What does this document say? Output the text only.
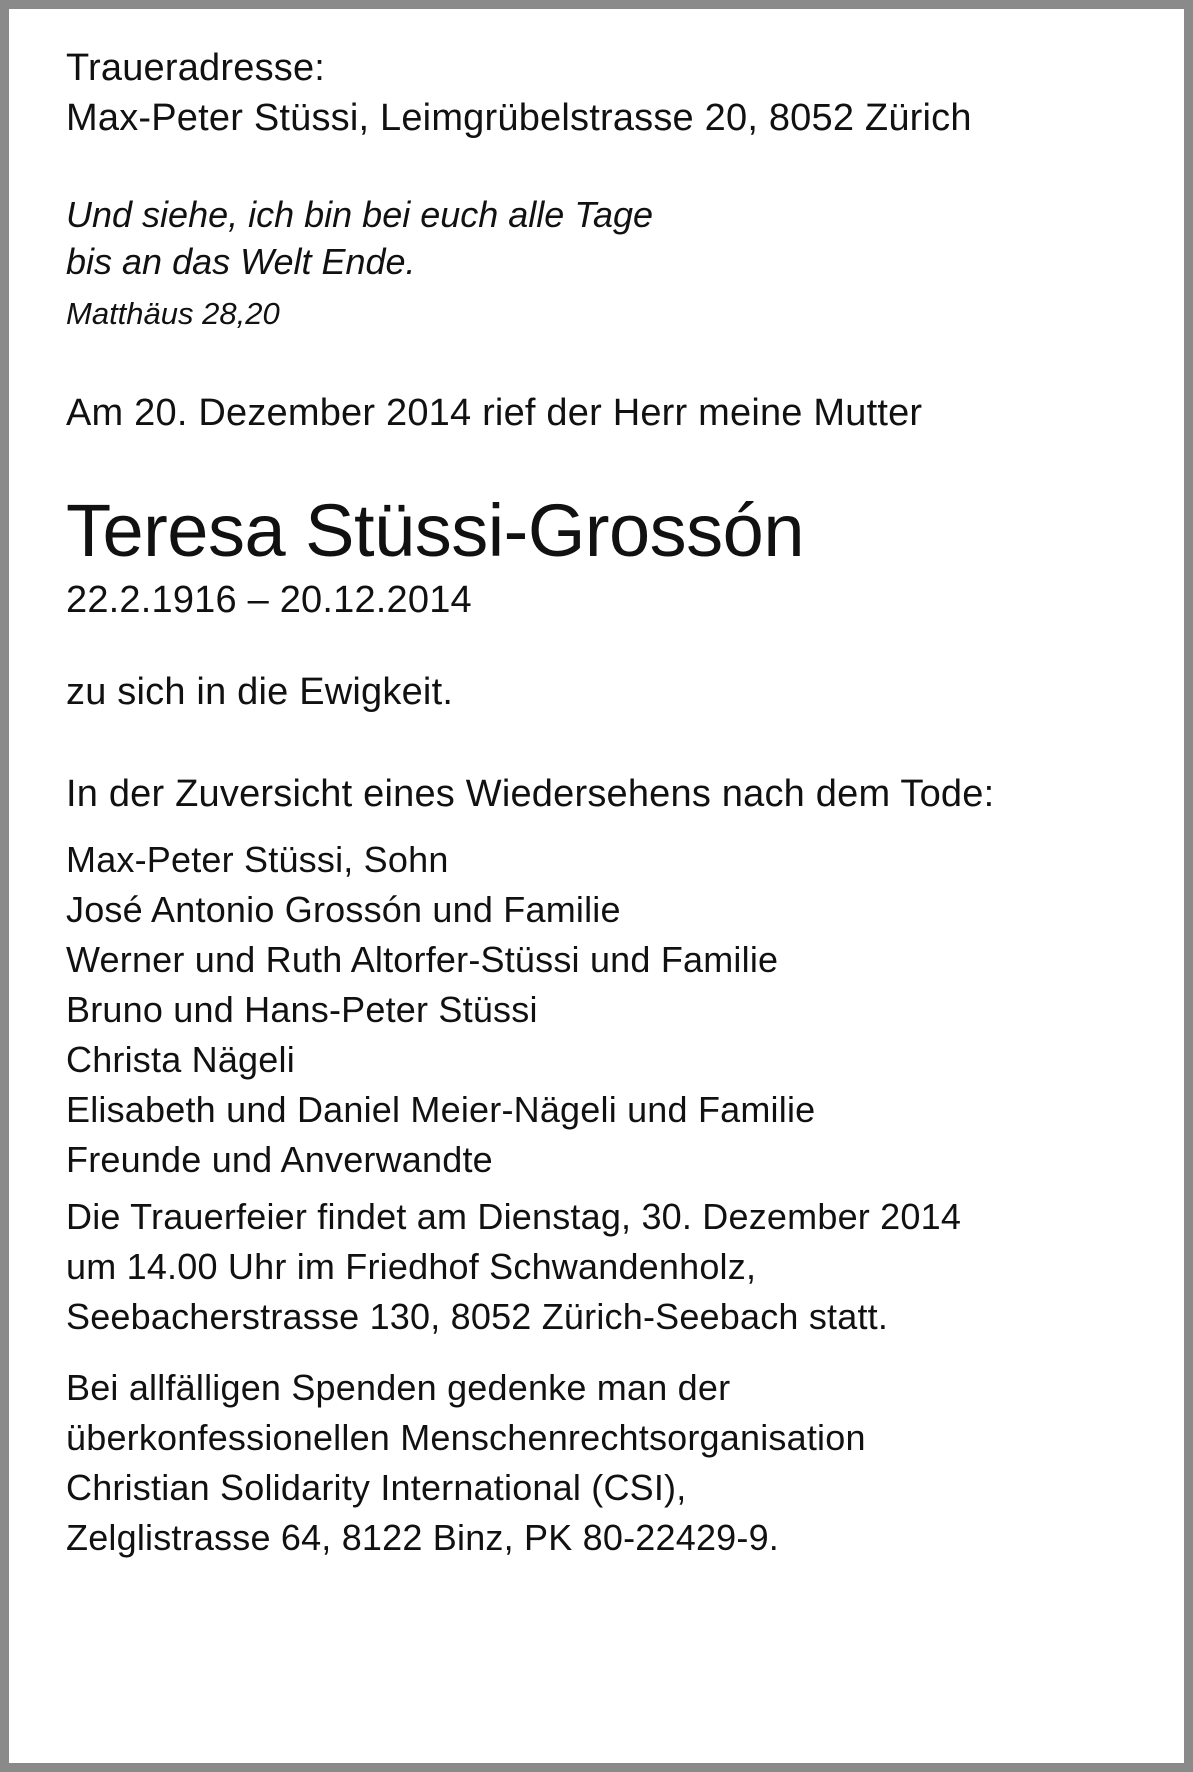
Traueradresse:
Max-Peter Stüssi, Leimgrübelstrasse 20, 8052 Zürich
Und siehe, ich bin bei euch alle Tage
bis an das Welt Ende.
Matthäus 28,20
Am 20. Dezember 2014 rief der Herr meine Mutter
Teresa Stüssi-Grossón
22.2.1916 – 20.12.2014
zu sich in die Ewigkeit.
In der Zuversicht eines Wiedersehens nach dem Tode:
Max-Peter Stüssi, Sohn
José Antonio Grossón und Familie
Werner und Ruth Altorfer-Stüssi und Familie
Bruno und Hans-Peter Stüssi
Christa Nägeli
Elisabeth und Daniel Meier-Nägeli und Familie
Freunde und Anverwandte
Die Trauerfeier findet am Dienstag, 30. Dezember 2014
um 14.00 Uhr im Friedhof Schwandenholz,
Seebacherstrasse 130, 8052 Zürich-Seebach statt.
Bei allfälligen Spenden gedenke man der
überkonfessionellen Menschenrechtsorganisation
Christian Solidarity International (CSI),
Zelglistrasse 64, 8122 Binz, PK 80-22429-9.
